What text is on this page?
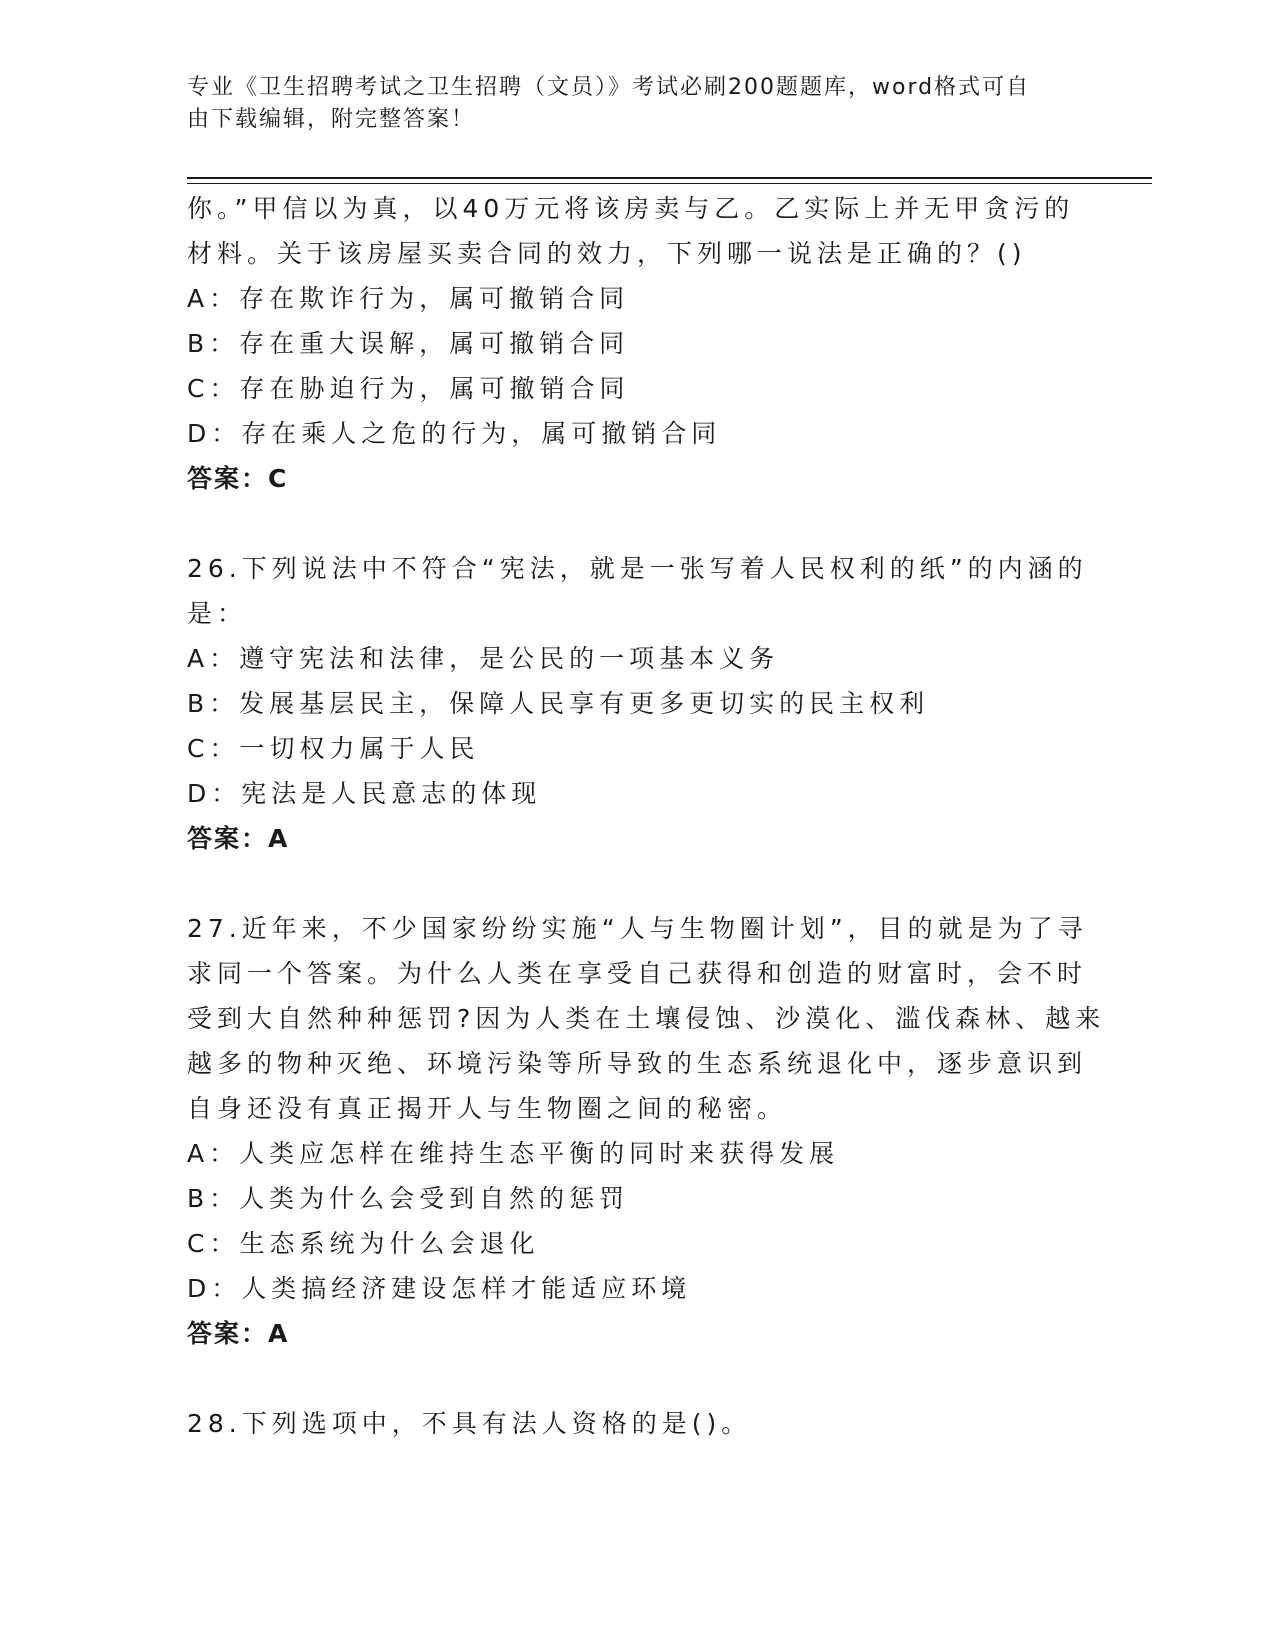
专业《卫生招聘考试之卫生招聘（文员）》考试必刷200题题库，word格式可自
由下载编辑，附完整答案！
你。”甲信以为真，以40万元将该房卖与乙。乙实际上并无甲贪污的
材料。关于该房屋买卖合同的效力，下列哪一说法是正确的？()
A：存在欺诈行为，属可撤销合同
B：存在重大误解，属可撤销合同
C：存在胁迫行为，属可撤销合同
D：存在乘人之危的行为，属可撤销合同
答案：C
26.下列说法中不符合“宪法，就是一张写着人民权利的纸”的内涵的
是：
A：遵守宪法和法律，是公民的一项基本义务
B：发展基层民主，保障人民享有更多更切实的民主权利
C：一切权力属于人民
D：宪法是人民意志的体现
答案：A
27.近年来，不少国家纷纷实施“人与生物圈计划”，目的就是为了寻
求同一个答案。为什么人类在享受自己获得和创造的财富时，会不时
受到大自然种种惩罚?因为人类在土壤侵蚀、沙漠化、滥伐森林、越来
越多的物种灭绝、环境污染等所导致的生态系统退化中，逐步意识到
自身还没有真正揭开人与生物圈之间的秘密。
A：人类应怎样在维持生态平衡的同时来获得发展
B：人类为什么会受到自然的惩罚
C：生态系统为什么会退化
D：人类搞经济建设怎样才能适应环境
答案：A
28.下列选项中，不具有法人资格的是()。
